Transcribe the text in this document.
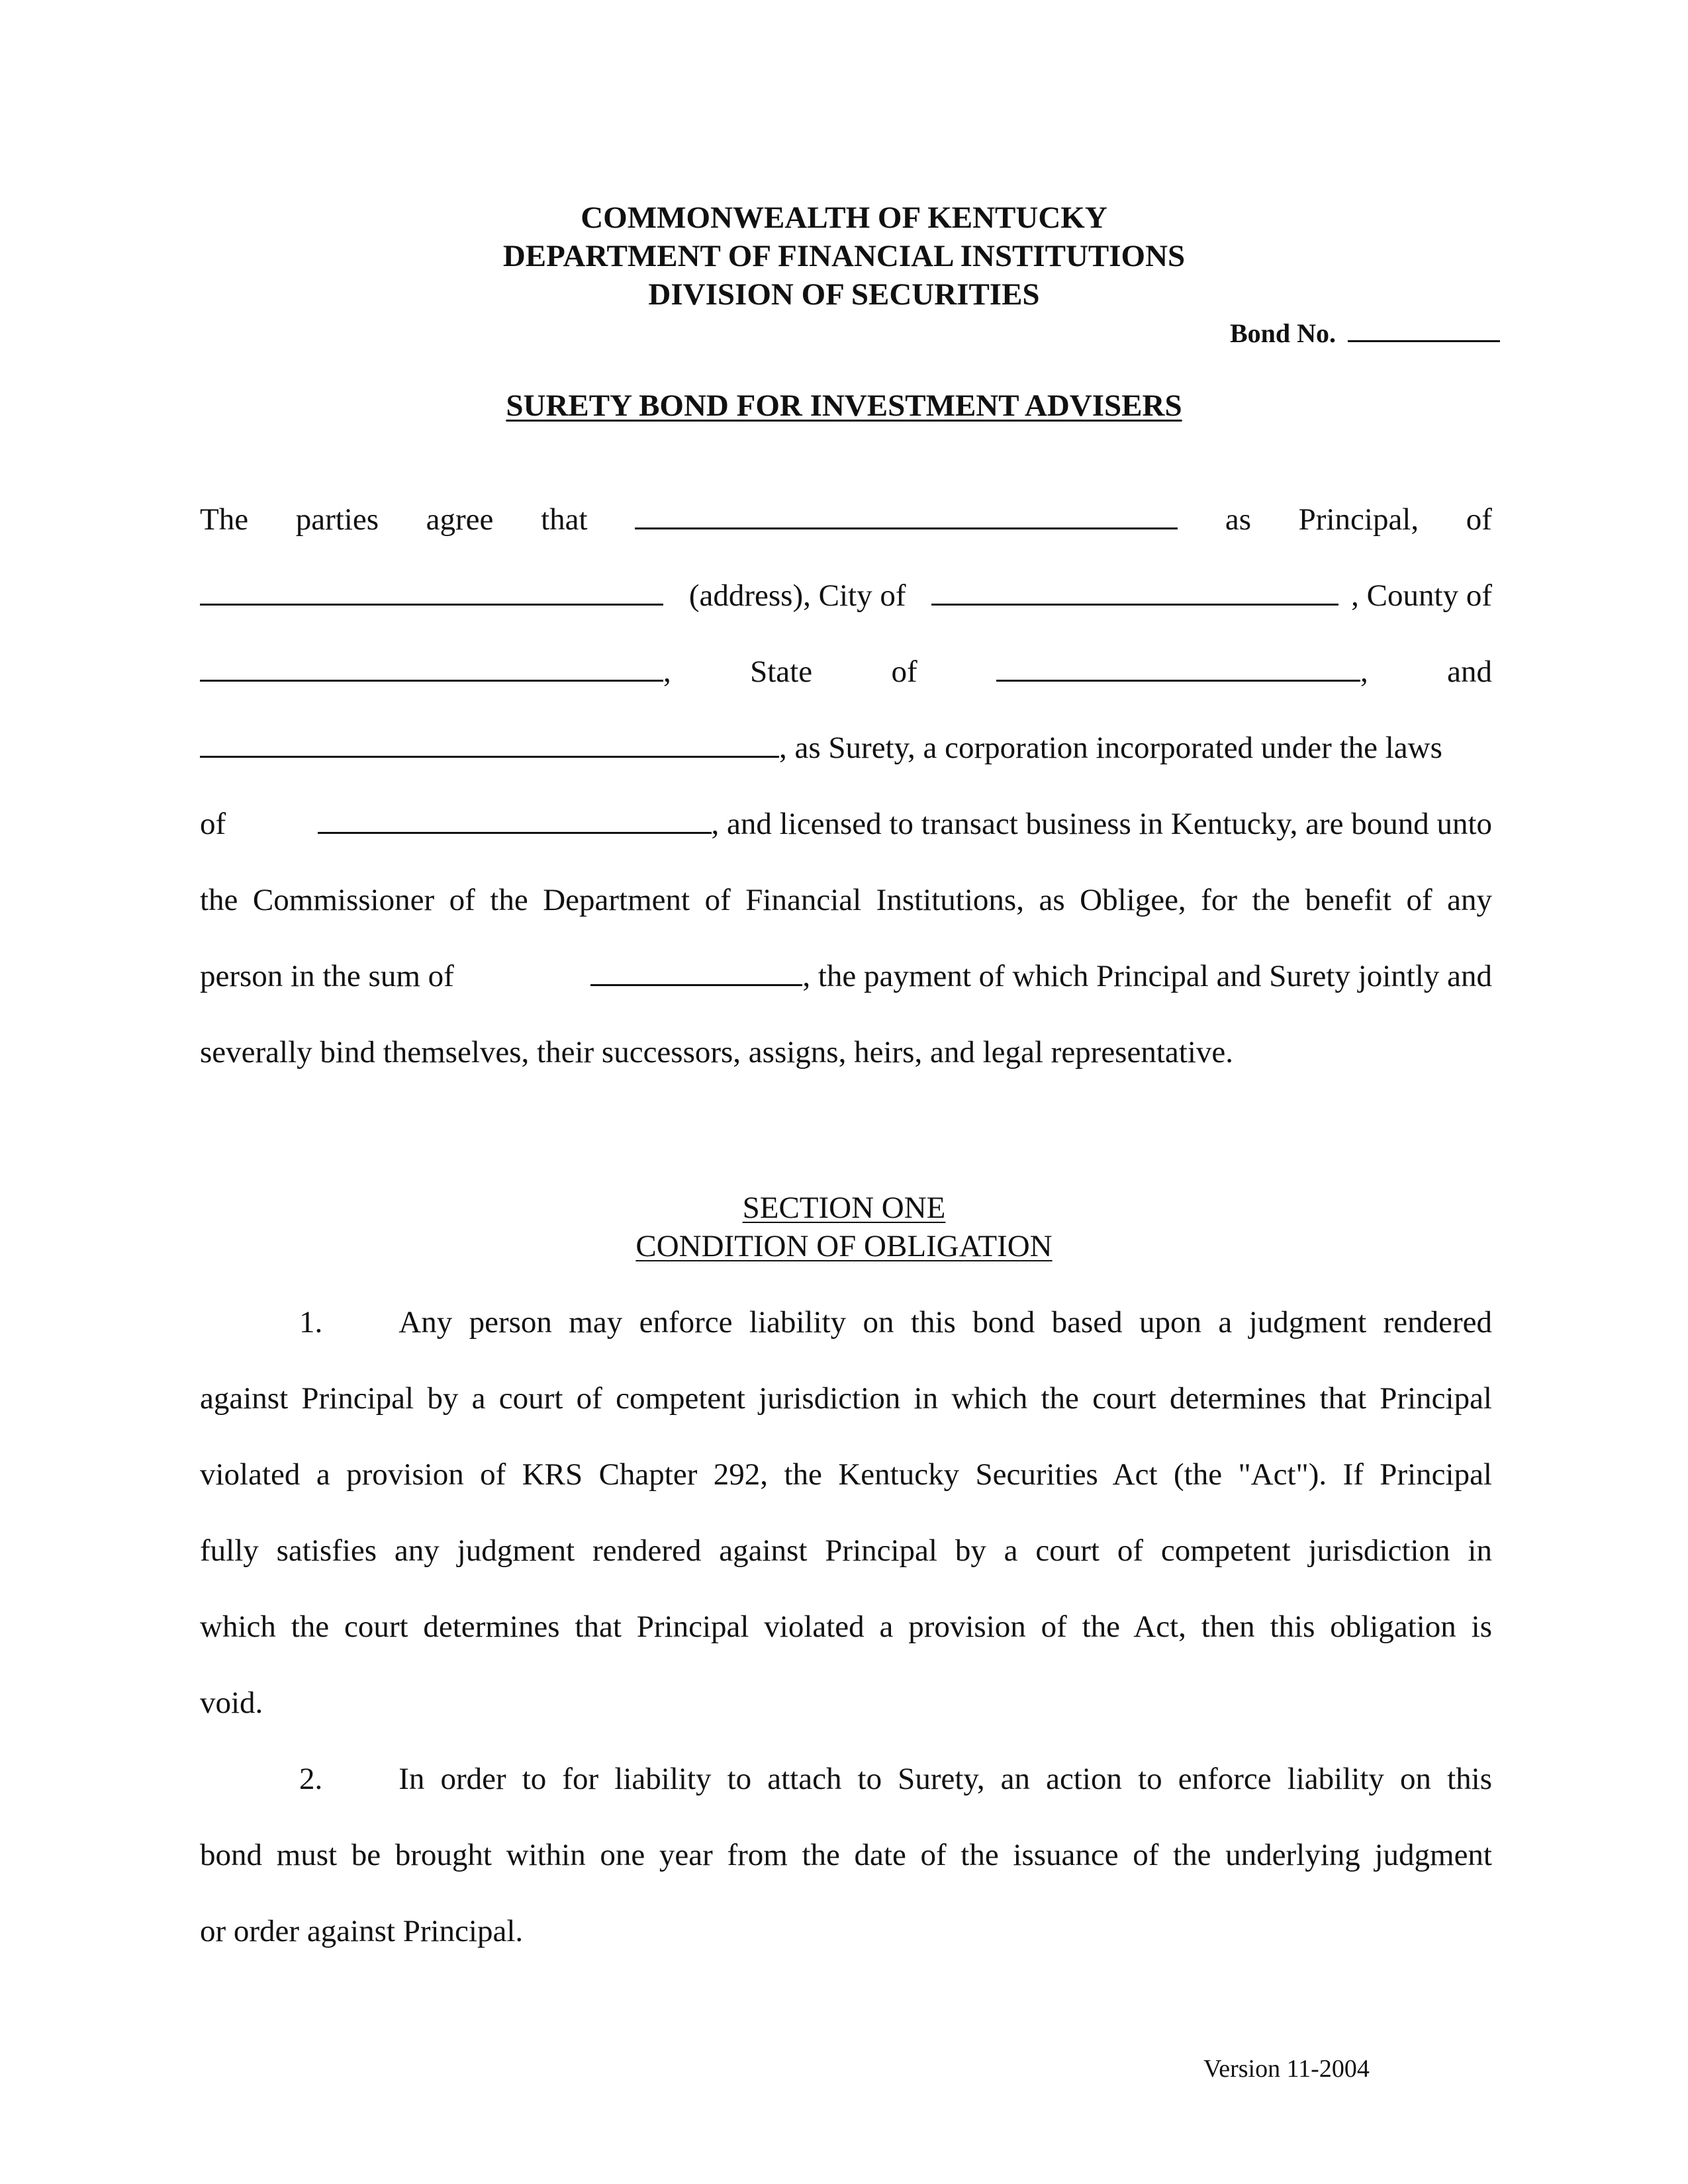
COMMONWEALTH OF KENTUCKY
DEPARTMENT OF FINANCIAL INSTITUTIONS
DIVISION OF SECURITIES
Bond No.
SURETY BOND FOR INVESTMENT ADVISERS
The parties agree that	as Principal, of
(address), City of	, County of
,	State	of	,	and
, as Surety, a corporation incorporated under the laws
of	, and licensed to transact business in Kentucky, are bound unto
the Commissioner of the Department of Financial Institutions, as Obligee, for the benefit of any
person in the sum of	, the payment of which Principal and Surety jointly and
severally bind themselves, their successors, assigns, heirs, and legal representative.
SECTION ONE
CONDITION OF OBLIGATION
1. Any person may enforce liability on this bond based upon a judgment rendered
against Principal by a court of competent jurisdiction in which the court determines that Principal
violated a provision of KRS Chapter 292, the Kentucky Securities Act (the "Act"). If Principal
fully satisfies any judgment rendered against Principal by a court of competent jurisdiction in
which the court determines that Principal violated a provision of the Act, then this obligation is
void.
2. In order to for liability to attach to Surety, an action to enforce liability on this
bond must be brought within one year from the date of the issuance of the underlying judgment
or order against Principal.
Version 11-2004
